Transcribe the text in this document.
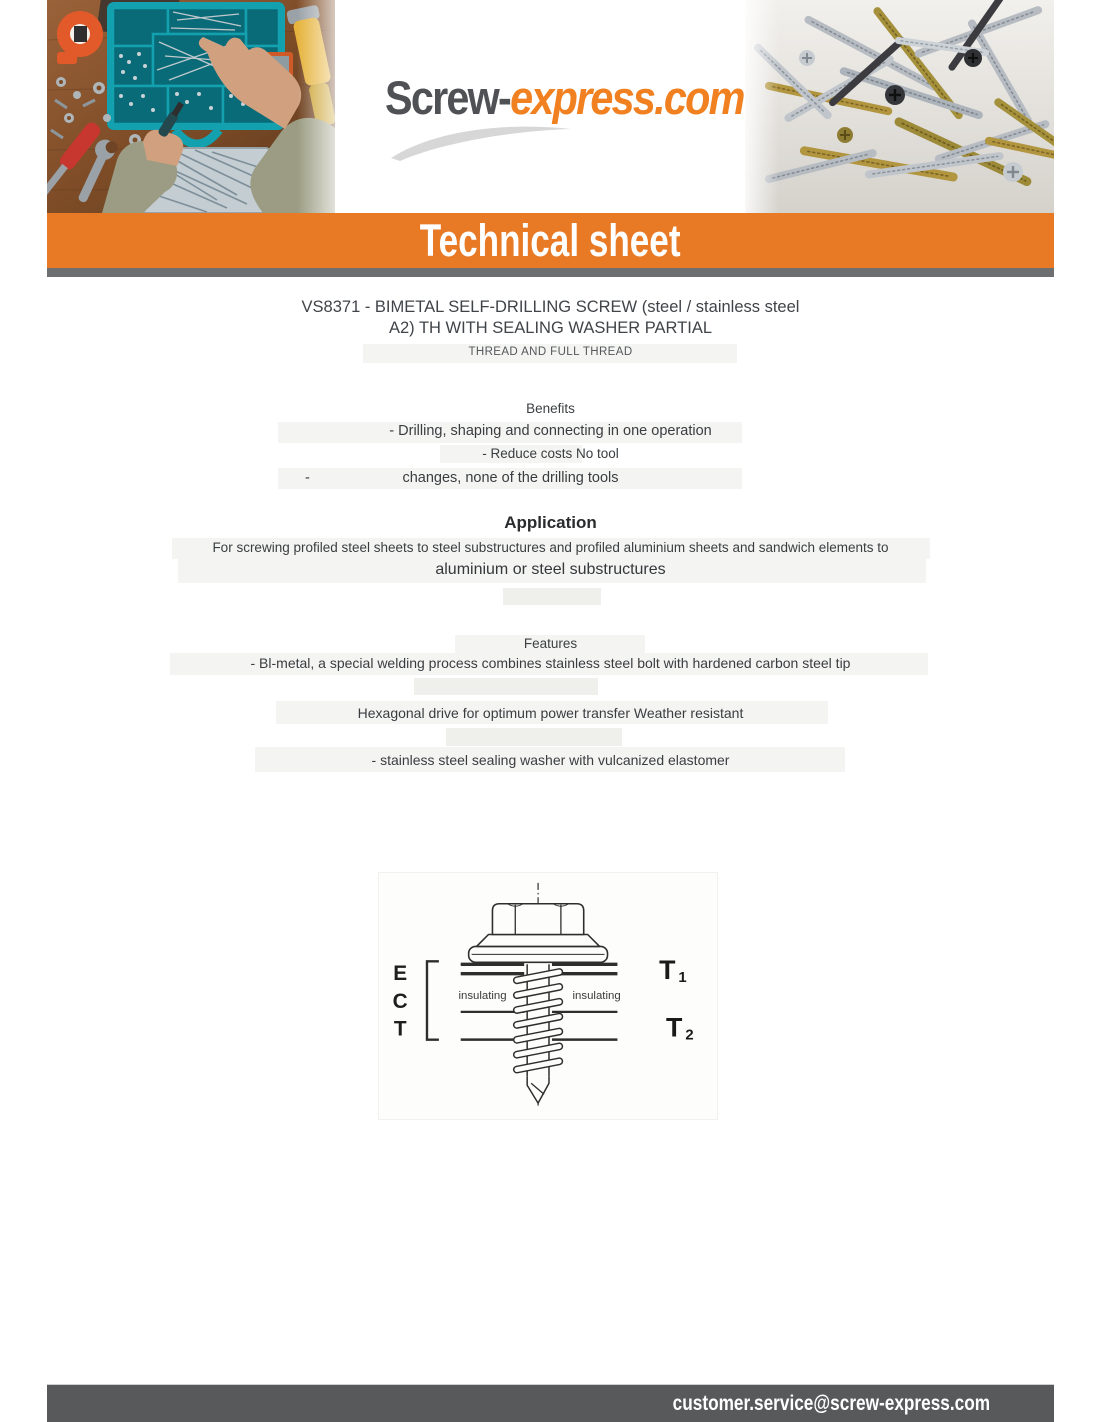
Screw-express.com
Technical sheet
VS8371 - BIMETAL SELF-DRILLING SCREW (steel / stainless steel
A2) TH WITH SEALING WASHER PARTIAL
THREAD AND FULL THREAD
Benefits
- Drilling, shaping and connecting in one operation
- Reduce costs No tool
-	changes, none of the drilling tools
Application
For screwing profiled steel sheets to steel substructures and profiled aluminium sheets and sandwich elements to
aluminium or steel substructures
Features
- Bl-metal, a special welding process combines stainless steel bolt with hardened carbon steel tip
Hexagonal drive for optimum power transfer Weather resistant
- stainless steel sealing washer with vulcanized elastomer
E
C
T
insulating	insulating
T 1
T 2
customer.service@screw-express.com
